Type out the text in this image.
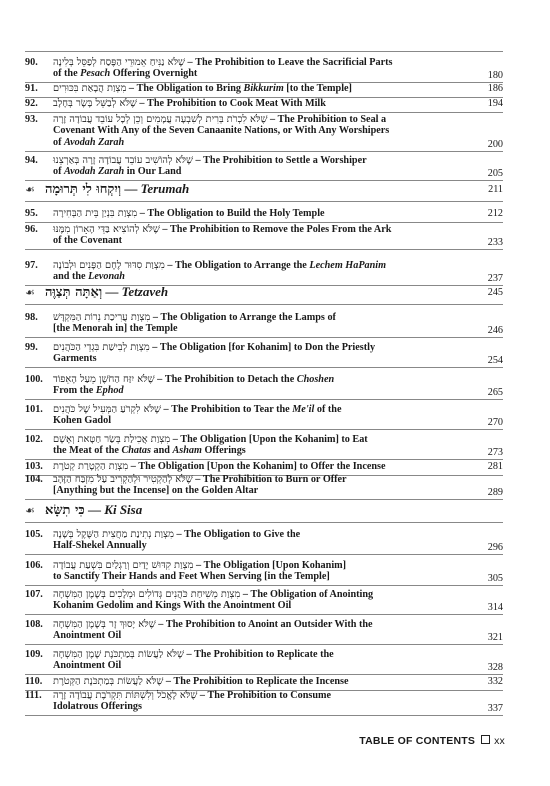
90.	שֶׁלֹּא נַנִּיחַ אֵמוּרֵי הַפֶּסַח לְפַסֵּל בְּלִינָה – The Prohibition to Leave the Sacrificial Parts
of the Pesach Offering Overnight	180
91.	מִצְוַת הֲבָאַת בִּכּוּרִים – The Obligation to Bring Bikkurim [to the Temple]	186
92.	שֶׁלֹּא לְבַשֵּׁל בָּשָׂר בְּחָלָב – The Prohibition to Cook Meat With Milk	194
93.	שֶׁלֹּא לִכְרֹת בְּרִית לְשִׁבְעָה עֲמָמִים וְכֵן לְכָל עוֹבֵד עֲבוֹדָה זָרָה – The Prohibition to Seal a
Covenant With Any of the Seven Canaanite Nations, or With Any Worshipers
of Avodah Zarah	200
94.	שֶׁלֹּא לְהוֹשִׁיב עוֹבֵד עֲבוֹדָה זָרָה בְּאַרְצֵנוּ – The Prohibition to Settle a Worshiper
of Avodah Zarah in Our Land	205
☙ וְיִקְחוּ לִי תְּרוּמָה — Terumah	211
95.	מִצְוַת בִּנְיַן בֵּית הַבְּחִירָה – The Obligation to Build the Holy Temple	212
96.	שֶׁלֹּא לְהוֹצִיא בַּדֵּי הָאָרוֹן מִמֶּנּוּ – The Prohibition to Remove the Poles From the Ark
of the Covenant	233
97.	מִצְוַת סִדּוּר לֶחֶם הַפָּנִים וּלְבוֹנָה – The Obligation to Arrange the Lechem HaPanim
and the Levonah	237
☙ וְאַתָּה תְּצַוֶּה — Tetzaveh	245
98.	מִצְוַת עֲרִיכַת נֵרוֹת הַמִּקְדָּשׁ – The Obligation to Arrange the Lamps of
[the Menorah in] the Temple	246
99.	מִצְוַת לְבִישַׁת בִּגְדֵי הַכֹּהֲנִים – The Obligation [for Kohanim] to Don the Priestly
Garments	254
100.	שֶׁלֹּא יִזַּח הַחֹשֶׁן מֵעַל הָאֵפוֹד – The Prohibition to Detach the Choshen
From the Ephod	265
101.	שֶׁלֹּא לִקְרֹעַ הַמְּעִיל שֶׁל כֹּהֲנִים – The Prohibition to Tear the Me'il of the
Kohen Gadol	270
102.	מִצְוַת אֲכִילַת בְּשַׂר חַטָּאת וְאָשָׁם – The Obligation [Upon the Kohanim] to Eat
the Meat of the Chatas and Asham Offerings	273
103.	מִצְוַת הַקְטָרַת קְטֹרֶת – The Obligation [Upon the Kohanim] to Offer the Incense	281
104.	שֶׁלֹּא לְהַקְטִיר וּלְהַקְרִיב עַל מִזְבַּח הַזָּהָב – The Prohibition to Burn or Offer
[Anything but the Incense] on the Golden Altar	289
☙ כִּי תִשָּׂא — Ki Sisa
105.	מִצְוַת נְתִינַת מַחֲצִית הַשֶּׁקֶל בְּשָׁנָה – The Obligation to Give the
Half-Shekel Annually	296
106.	מִצְוַת קִדּוּשׁ יָדַיִם וְרַגְלַיִם בִּשְׁעַת עֲבוֹדָה – The Obligation [Upon Kohanim]
to Sanctify Their Hands and Feet When Serving [in the Temple]	305
107.	מִצְוַת מְשִׁיחַת כֹּהֲנִים גְּדוֹלִים וּמְלָכִים בְּשֶׁמֶן הַמִּשְׁחָה – The Obligation of Anointing
Kohanim Gedolim and Kings With the Anointment Oil	314
108.	שֶׁלֹּא יָסוּךְ זָר בְּשֶׁמֶן הַמִּשְׁחָה – The Prohibition to Anoint an Outsider With the
Anointment Oil	321
109.	שֶׁלֹּא לַעֲשׂוֹת בְּמַתְכֹּנֶת שֶׁמֶן הַמִּשְׁחָה – The Prohibition to Replicate the
Anointment Oil	328
110.	שֶׁלֹּא לַעֲשׂוֹת בְּמַתְכֹּנֶת הַקְּטֹרֶת – The Prohibition to Replicate the Incense	332
111.	שֶׁלֹּא לֶאֱכֹל וְלִשְׁתּוֹת תִּקְרֹבֶת עֲבוֹדָה זָרָה – The Prohibition to Consume
Idolatrous Offerings	337
TABLE OF CONTENTS xx
